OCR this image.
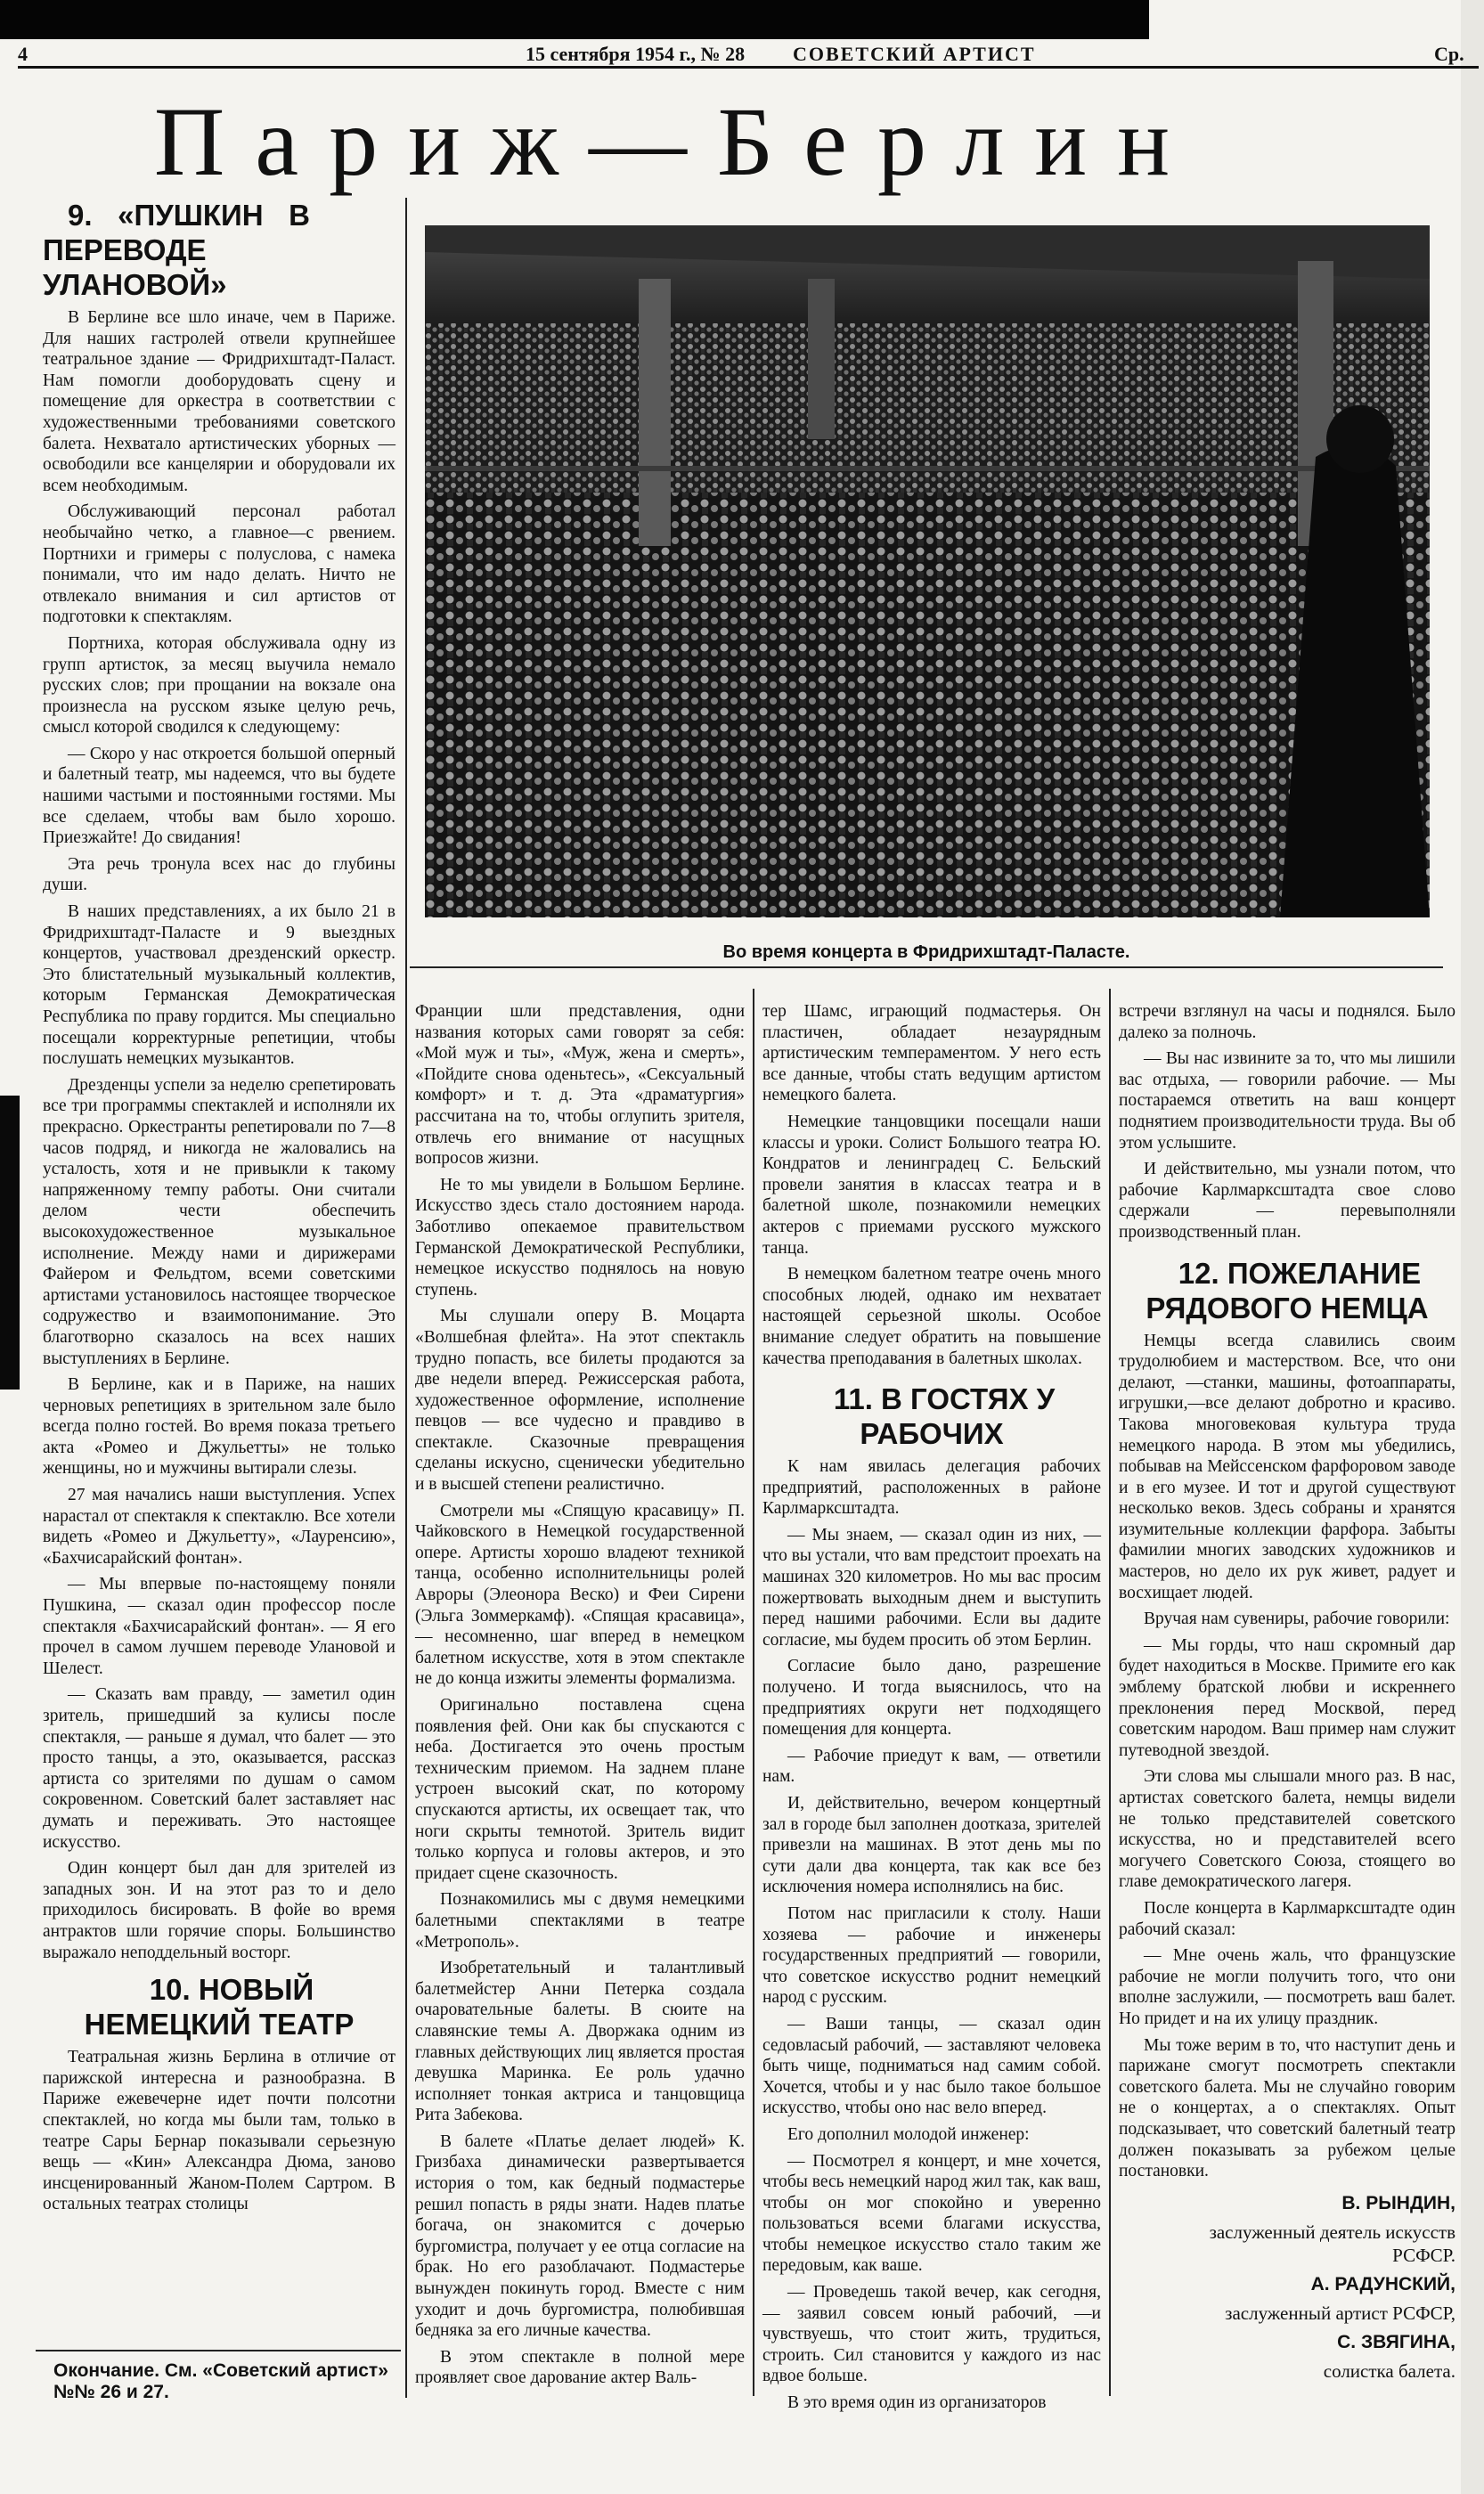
4	15 сентября 1954 г., № 28 СОВЕТСКИЙ АРТИСТ	Ср.
Париж—Берлин
Во время концерта в Фридрихштадт-Паласте.

9. «ПУШКИН В ПЕРЕВОДЕ УЛАНОВОЙ»

В Берлине все шло иначе, чем в Париже. Для наших гастролей отвели крупнейшее театральное здание — Фридрихштадт-Паласт. Нам помогли дооборудовать сцену и помещение для оркестра в соответствии с художественными требованиями советского балета. Нехватало артистических уборных — освободили все канцелярии и оборудовали их всем необходимым.

Обслуживающий персонал работал необычайно четко, а главное—с рвением. Портнихи и гримеры с полуслова, с намека понимали, что им надо делать. Ничто не отвлекало внимания и сил артистов от подготовки к спектаклям.

Портниха, которая обслуживала одну из групп артисток, за месяц выучила немало русских слов; при прощании на вокзале она произнесла на русском языке целую речь, смысл которой сводился к следующему:

— Скоро у нас откроется большой оперный и балетный театр, мы надеемся, что вы будете нашими частыми и постоянными гостями. Мы все сделаем, чтобы вам было хорошо. Приезжайте! До свидания!

Эта речь тронула всех нас до глубины души.

В наших представлениях, а их было 21 в Фридрихштадт-Паласте и 9 выездных концертов, участвовал дрезденский оркестр. Это блистательный музыкальный коллектив, которым Германская Демократическая Республика по праву гордится. Мы специально посещали корректурные репетиции, чтобы послушать немецких музыкантов.

Дрезденцы успели за неделю срепетировать все три программы спектаклей и исполняли их прекрасно. Оркестранты репетировали по 7—8 часов подряд, и никогда не жаловались на усталость, хотя и не привыкли к такому напряженному темпу работы. Они считали делом чести обеспечить высокохудожественное музыкальное исполнение. Между нами и дирижерами Файером и Фельдтом, всеми советскими артистами установилось настоящее творческое содружество и взаимопонимание. Это благотворно сказалось на всех наших выступлениях в Берлине.

В Берлине, как и в Париже, на наших черновых репетициях в зрительном зале было всегда полно гостей. Во время показа третьего акта «Ромео и Джульетты» не только женщины, но и мужчины вытирали слезы.

27 мая начались наши выступления. Успех нарастал от спектакля к спектаклю. Все хотели видеть «Ромео и Джульетту», «Лауренсию», «Бахчисарайский фонтан».

— Мы впервые по-настоящему поняли Пушкина, — сказал один профессор после спектакля «Бахчисарайский фонтан». — Я его прочел в самом лучшем переводе Улановой и Шелест.

— Сказать вам правду, — заметил один зритель, пришедший за кулисы после спектакля, — раньше я думал, что балет — это просто танцы, а это, оказывается, рассказ артиста со зрителями по душам о самом сокровенном. Советский балет заставляет нас думать и переживать. Это настоящее искусство.

Один концерт был дан для зрителей из западных зон. И на этот раз то и дело приходилось бисировать. В фойе во время антрактов шли горячие споры. Большинство выражало неподдельный восторг.

10. НОВЫЙ НЕМЕЦКИЙ ТЕАТР

Театральная жизнь Берлина в отличие от парижской интересна и разнообразна. В Париже ежевечерне идет почти полсотни спектаклей, но когда мы были там, только в театре Сары Бернар показывали серьезную вещь — «Кин» Александра Дюма, заново инсценированный Жаном-Полем Сартром. В остальных театрах столицы

Окончание. См. «Советский артист» №№ 26 и 27.

Франции шли представления, одни названия которых сами говорят за себя: «Мой муж и ты», «Муж, жена и смерть», «Пойдите снова оденьтесь», «Сексуальный комфорт» и т. д. Эта «драматургия» рассчитана на то, чтобы оглупить зрителя, отвлечь его внимание от насущных вопросов жизни.

Не то мы увидели в Большом Берлине. Искусство здесь стало достоянием народа. Заботливо опекаемое правительством Германской Демократической Республики, немецкое искусство поднялось на новую ступень.

Мы слушали оперу В. Моцарта «Волшебная флейта». На этот спектакль трудно попасть, все билеты продаются за две недели вперед. Режиссерская работа, художественное оформление, исполнение певцов — все чудесно и правдиво в спектакле. Сказочные превращения сделаны искусно, сценически убедительно и в высшей степени реалистично.

Смотрели мы «Спящую красавицу» П. Чайковского в Немецкой государственной опере. Артисты хорошо владеют техникой танца, особенно исполнительницы ролей Авроры (Элеонора Веско) и Феи Сирени (Эльга Зоммеркамф). «Спящая красавица», — несомненно, шаг вперед в немецком балетном искусстве, хотя в этом спектакле не до конца изжиты элементы формализма.

Оригинально поставлена сцена появления фей. Они как бы спускаются с неба. Достигается это очень простым техническим приемом. На заднем плане устроен высокий скат, по которому спускаются артисты, их освещает так, что ноги скрыты темнотой. Зритель видит только корпуса и головы актеров, и это придает сцене сказочность.

Познакомились мы с двумя немецкими балетными спектаклями в театре «Метрополь».

Изобретательный и талантливый балетмейстер Анни Петерка создала очаровательные балеты. В сюите на славянские темы А. Дворжака одним из главных действующих лиц является простая девушка Маринка. Ее роль удачно исполняет тонкая актриса и танцовщица Рита Забекова.

В балете «Платье делает людей» К. Гризбаха динамически развертывается история о том, как бедный подмастерье решил попасть в ряды знати. Надев платье богача, он знакомится с дочерью бургомистра, получает у ее отца согласие на брак. Но его разоблачают. Подмастерье вынужден покинуть город. Вместе с ним уходит и дочь бургомистра, полюбившая бедняка за его личные качества.

В этом спектакле в полной мере проявляет свое дарование актер Валь-

тер Шамс, играющий подмастерья. Он пластичен, обладает незаурядным артистическим темпераментом. У него есть все данные, чтобы стать ведущим артистом немецкого балета.

Немецкие танцовщики посещали наши классы и уроки. Солист Большого театра Ю. Кондратов и ленинградец С. Бельский провели занятия в классах театра и в балетной школе, познакомили немецких актеров с приемами русского мужского танца.

В немецком балетном театре очень много способных людей, однако им нехватает настоящей серьезной школы. Особое внимание следует обратить на повышение качества преподавания в балетных школах.

11. В ГОСТЯХ У РАБОЧИХ

К нам явилась делегация рабочих предприятий, расположенных в районе Карлмарксштадта.

— Мы знаем, — сказал один из них, — что вы устали, что вам предстоит проехать на машинах 320 километров. Но мы вас просим пожертвовать выходным днем и выступить перед нашими рабочими. Если вы дадите согласие, мы будем просить об этом Берлин.

Согласие было дано, разрешение получено. И тогда выяснилось, что на предприятиях округи нет подходящего помещения для концерта.

— Рабочие приедут к вам, — ответили нам.

И, действительно, вечером концертный зал в городе был заполнен доотказа, зрителей привезли на машинах. В этот день мы по сути дали два концерта, так как все без исключения номера исполнялись на бис.

Потом нас пригласили к столу. Наши хозяева — рабочие и инженеры государственных предприятий — говорили, что советское искусство роднит немецкий народ с русским.

— Ваши танцы, — сказал один седовласый рабочий, — заставляют человека быть чище, подниматься над самим собой. Хочется, чтобы и у нас было такое большое искусство, чтобы оно нас вело вперед.

Его дополнил молодой инженер:

— Посмотрел я концерт, и мне хочется, чтобы весь немецкий народ жил так, как ваш, чтобы он мог спокойно и уверенно пользоваться всеми благами искусства, чтобы немецкое искусство стало таким же передовым, как ваше.

— Проведешь такой вечер, как сегодня, — заявил совсем юный рабочий, —и чувствуешь, что стоит жить, трудиться, строить. Сил становится у каждого из нас вдвое больше.

В это время один из организаторов

встречи взглянул на часы и поднялся. Было далеко за полночь.

— Вы нас извините за то, что мы лишили вас отдыха, — говорили рабочие. — Мы постараемся ответить на ваш концерт поднятием производительности труда. Вы об этом услышите.

И действительно, мы узнали потом, что рабочие Карлмарксштадта свое слово сдержали — перевыполняли производственный план.

12. ПОЖЕЛАНИЕ РЯДОВОГО НЕМЦА

Немцы всегда славились своим трудолюбием и мастерством. Все, что они делают, —станки, машины, фотоаппараты, игрушки,—все делают добротно и красиво. Такова многовековая культура труда немецкого народа. В этом мы убедились, побывав на Мейссенском фарфоровом заводе и в его музее. И тот и другой существуют несколько веков. Здесь собраны и хранятся изумительные коллекции фарфора. Забыты фамилии многих заводских художников и мастеров, но дело их рук живет, радует и восхищает людей.

Вручая нам сувениры, рабочие говорили:

— Мы горды, что наш скромный дар будет находиться в Москве. Примите его как эмблему братской любви и искреннего преклонения перед Москвой, перед советским народом. Ваш пример нам служит путеводной звездой.

Эти слова мы слышали много раз. В нас, артистах советского балета, немцы видели не только представителей советского искусства, но и представителей всего могучего Советского Союза, стоящего во главе демократического лагеря.

После концерта в Карлмарксштадте один рабочий сказал:

— Мне очень жаль, что французские рабочие не могли получить того, что они вполне заслужили, — посмотреть ваш балет. Но придет и на их улицу праздник.

Мы тоже верим в то, что наступит день и парижане смогут посмотреть спектакли советского балета. Мы не случайно говорим не о концертах, а о спектаклях. Опыт подсказывает, что советский балетный театр должен показывать за рубежом целые постановки.

В. РЫНДИН,

заслуженный деятель искусств РСФСР.

А. РАДУНСКИЙ,

заслуженный артист РСФСР,

С. ЗВЯГИНА,

солистка балета.
